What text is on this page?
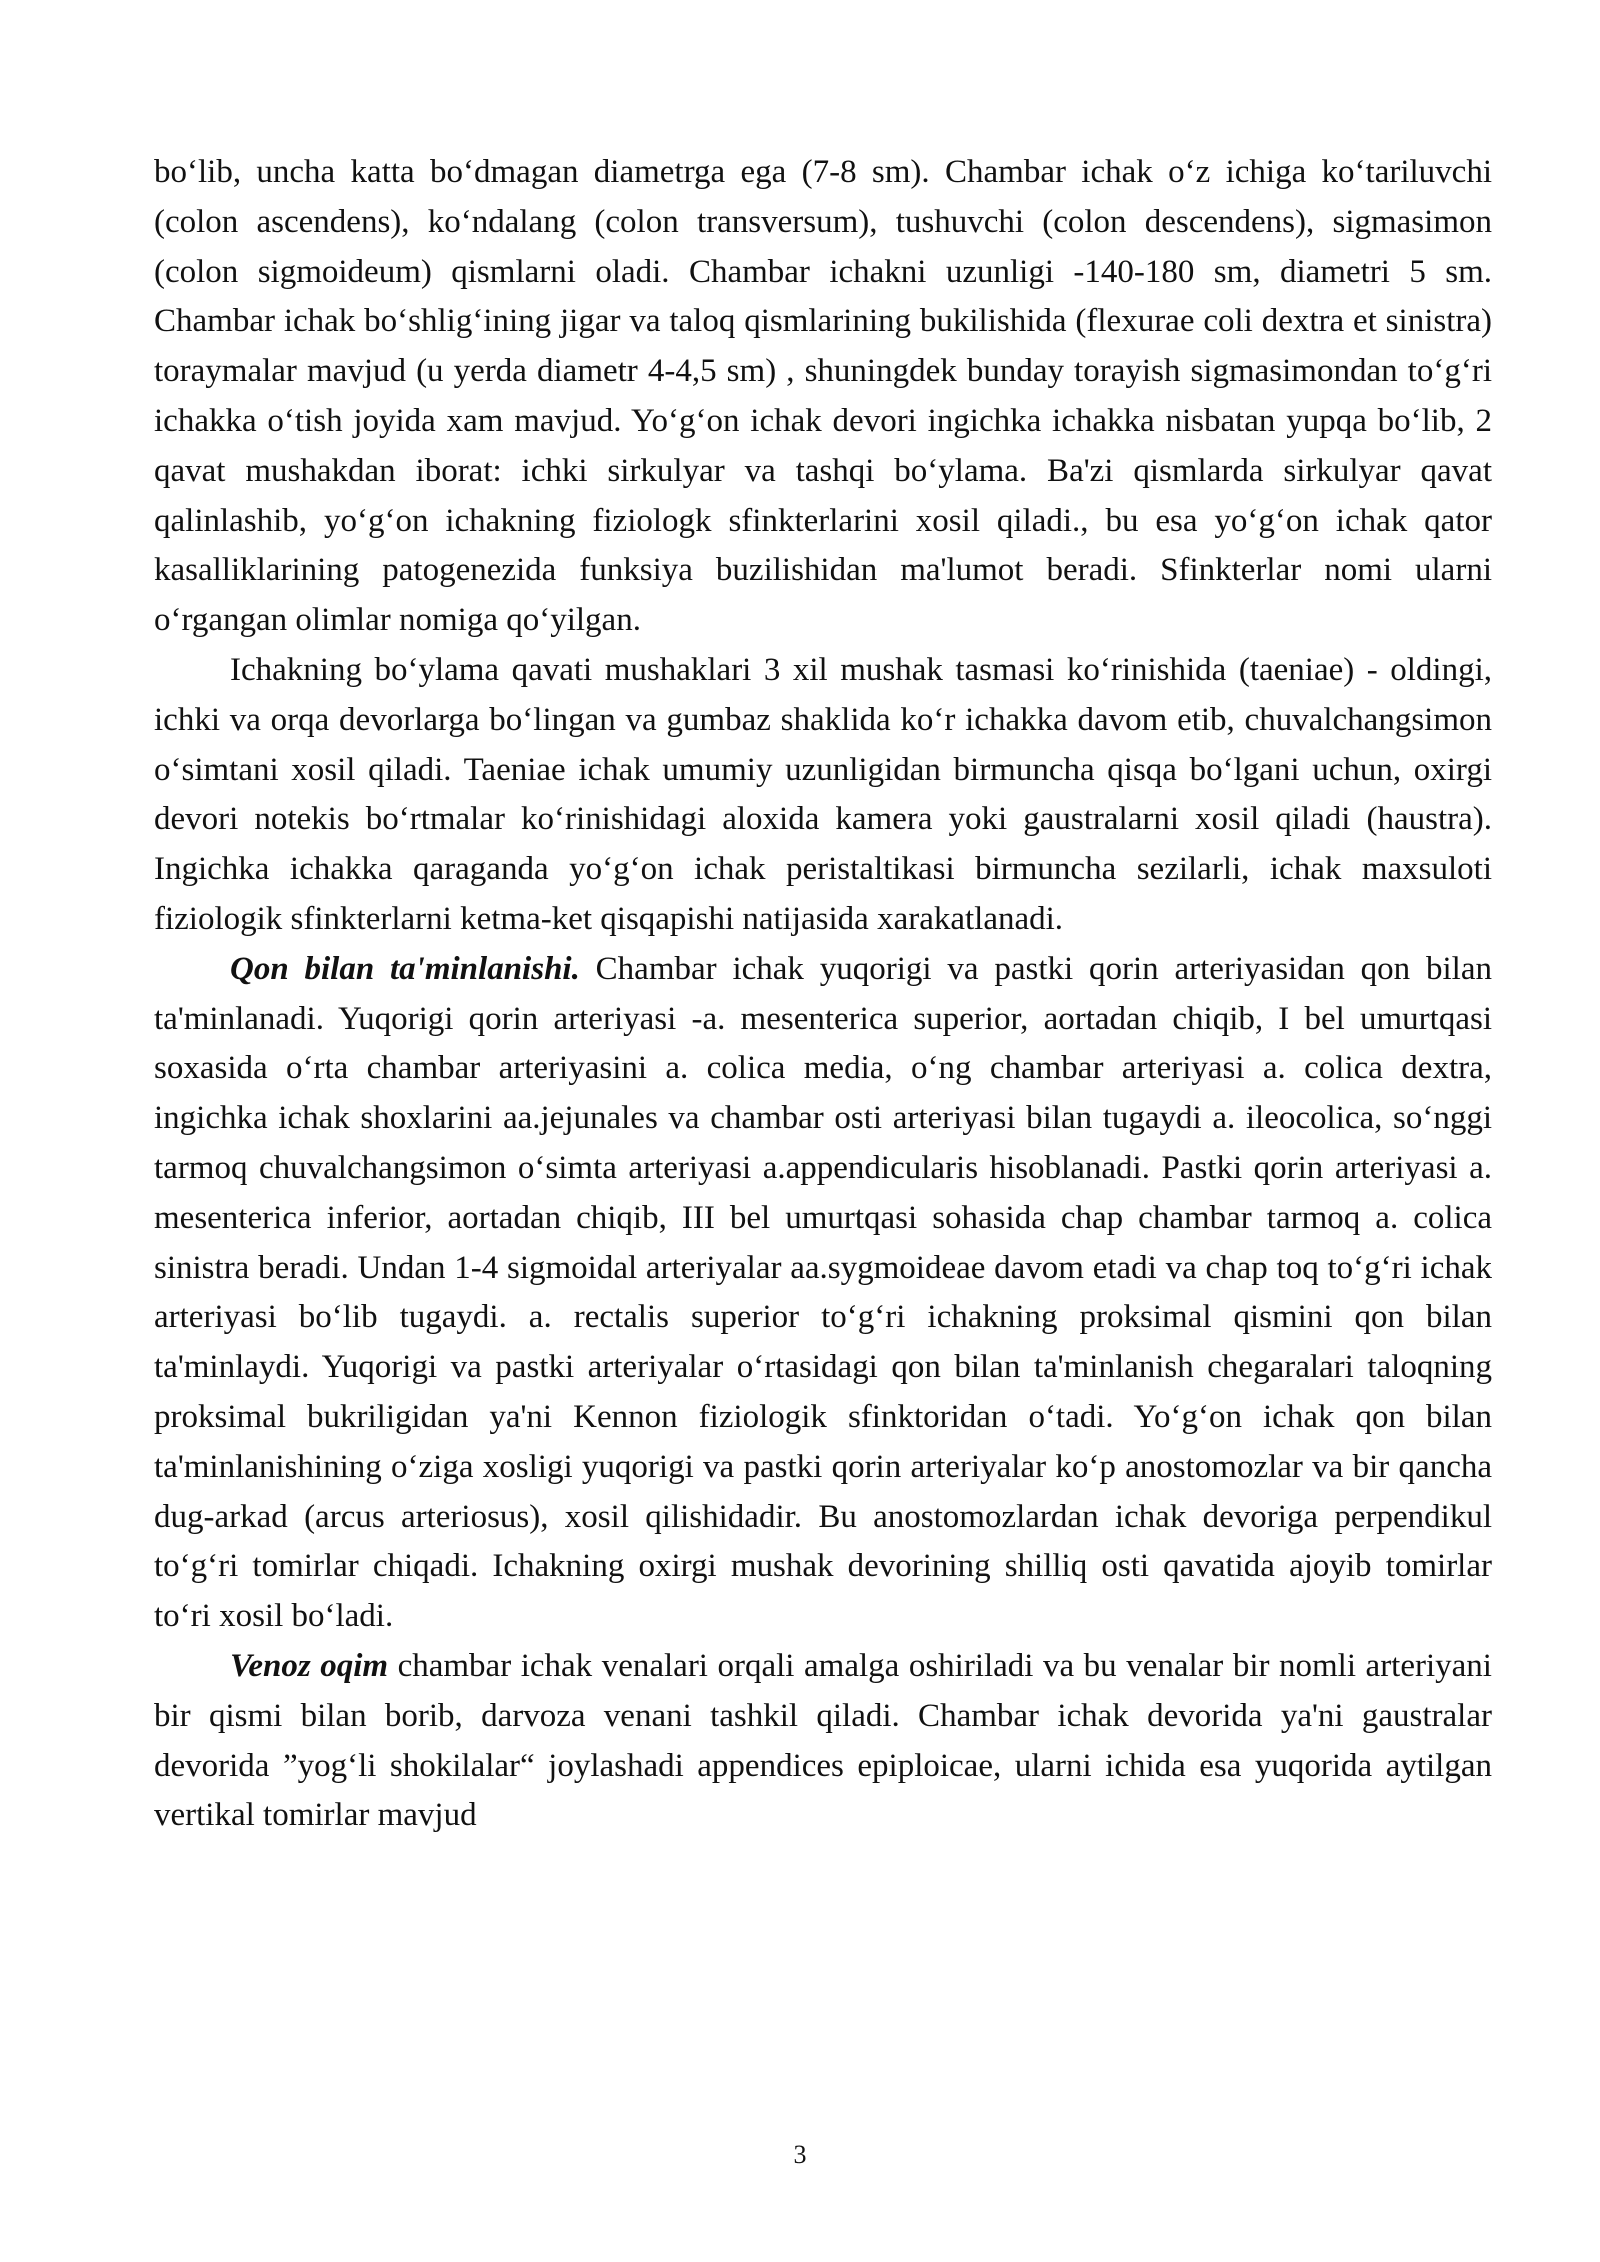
bo‘lib, uncha katta bo‘dmagan diametrga ega (7-8 sm). Chambar ichak o‘z ichiga ko‘tariluvchi (colon ascendens), ko‘ndalang (colon transversum), tushuvchi (colon descendens), sigmasimon (colon sigmoideum) qismlarni oladi. Chambar ichakni uzunligi -140-180 sm, diametri 5 sm. Chambar ichak bo‘shlig‘ining jigar va taloq qismlarining bukilishida (flexurae coli dextra et sinistra) toraymalar mavjud (u yerda diametr 4-4,5 sm) , shuningdek bunday torayish sigmasimondan to‘g‘ri ichakka o‘tish joyida xam mavjud. Yo‘g‘on ichak devori ingichka ichakka nisbatan yupqa bo‘lib, 2 qavat mushakdan iborat: ichki sirkulyar va tashqi bo‘ylama. Ba'zi qismlarda sirkulyar qavat qalinlashib, yo‘g‘on ichakning fiziologk sfinkterlarini xosil qiladi., bu esa yo‘g‘on ichak qator kasalliklarining patogenezida funksiya buzilishidan ma'lumot beradi. Sfinkterlar nomi ularni o‘rgangan olimlar nomiga qo‘yilgan.

Ichakning bo‘ylama qavati mushaklari 3 xil mushak tasmasi ko‘rinishida (taeniae) - oldingi, ichki va orqa devorlarga bo‘lingan va gumbaz shaklida ko‘r ichakka davom etib, chuvalchangsimon o‘simtani xosil qiladi. Taeniae ichak umumiy uzunligidan birmuncha qisqa bo‘lgani uchun, oxirgi devori notekis bo‘rtmalar ko‘rinishidagi aloxida kamera yoki gaustralarni xosil qiladi (haustra). Ingichka ichakka qaraganda yo‘g‘on ichak peristaltikasi birmuncha sezilarli, ichak maxsuloti fiziologik sfinkterlarni ketma-ket qisqapishi natijasida xarakatlanadi.

Qon bilan ta'minlanishi. Chambar ichak yuqorigi va pastki qorin arteriyasidan qon bilan ta'minlanadi. Yuqorigi qorin arteriyasi -a. mesenterica superior, aortadan chiqib, I bel umurtqasi soxasida o‘rta chambar arteriyasini a. colica media, o‘ng chambar arteriyasi a. colica dextra, ingichka ichak shoxlarini aa.jejunales va chambar osti arteriyasi bilan tugaydi a. ileocolica, so‘nggi tarmoq chuvalchangsimon o‘simta arteriyasi a.appendicularis hisoblanadi. Pastki qorin arteriyasi a. mesenterica inferior, aortadan chiqib, III bel umurtqasi sohasida chap chambar tarmoq a. colica sinistra beradi. Undan 1-4 sigmoidal arteriyalar aa.sygmoideae davom etadi va chap toq to‘g‘ri ichak arteriyasi bo‘lib tugaydi. a. rectalis superior to‘g‘ri ichakning proksimal qismini qon bilan ta'minlaydi. Yuqorigi va pastki arteriyalar o‘rtasidagi qon bilan ta'minlanish chegaralari taloqning proksimal bukriligidan ya'ni Kennon fiziologik sfinktoridan o‘tadi. Yo‘g‘on ichak qon bilan ta'minlanishining o‘ziga xosligi yuqorigi va pastki qorin arteriyalar ko‘p anostomozlar va bir qancha dug-arkad (arcus arteriosus), xosil qilishidadir. Bu anostomozlardan ichak devoriga perpendikul to‘g‘ri tomirlar chiqadi. Ichakning oxirgi mushak devorining shilliq osti qavatida ajoyib tomirlar to‘ri xosil bo‘ladi.

Venoz oqim chambar ichak venalari orqali amalga oshiriladi va bu venalar bir nomli arteriyani bir qismi bilan borib, darvoza venani tashkil qiladi. Chambar ichak devorida ya'ni gaustralar devorida ”yog‘li shokilalar“ joylashadi appendices epiploicae, ularni ichida esa yuqorida aytilgan vertikal tomirlar mavjud

3
